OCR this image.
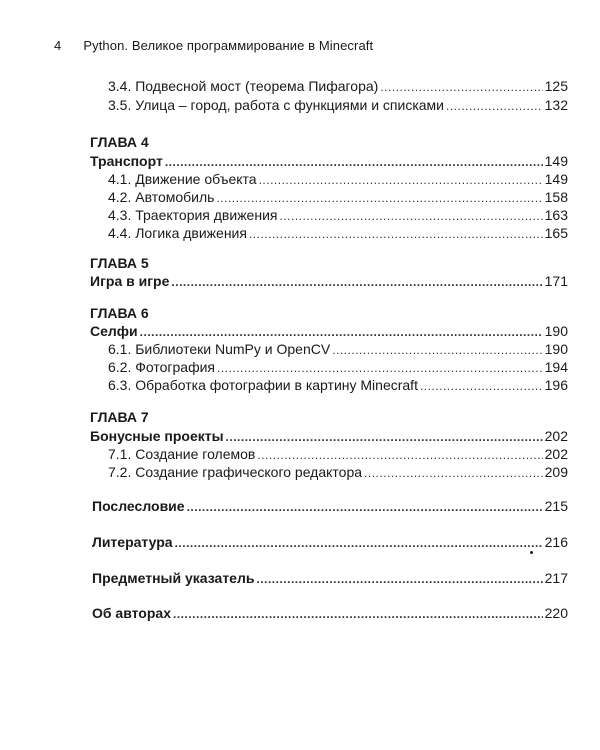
4 Python. Великое программирование в Minecraft
3.4. Подвесной мост (теорема Пифагора) .....	125
3.5. Улица – город, работа с функциями и списками .....	132
ГЛАВА 4
Транспорт .....	149
4.1. Движение объекта .....	149
4.2. Автомобиль .....	158
4.3. Траектория движения .....	163
4.4. Логика движения .....	165
ГЛАВА 5
Игра в игре .....	171
ГЛАВА 6
Селфи .....	190
6.1. Библиотеки NumPy и OpenCV .....	190
6.2. Фотография .....	194
6.3. Обработка фотографии в картину Minecraft .....	196
ГЛАВА 7
Бонусные проекты .....	202
7.1. Создание големов .....	202
7.2. Создание графического редактора .....	209
Послесловие .....	215
Литература .....	216
Предметный указатель .....	217
Об авторах .....	220
